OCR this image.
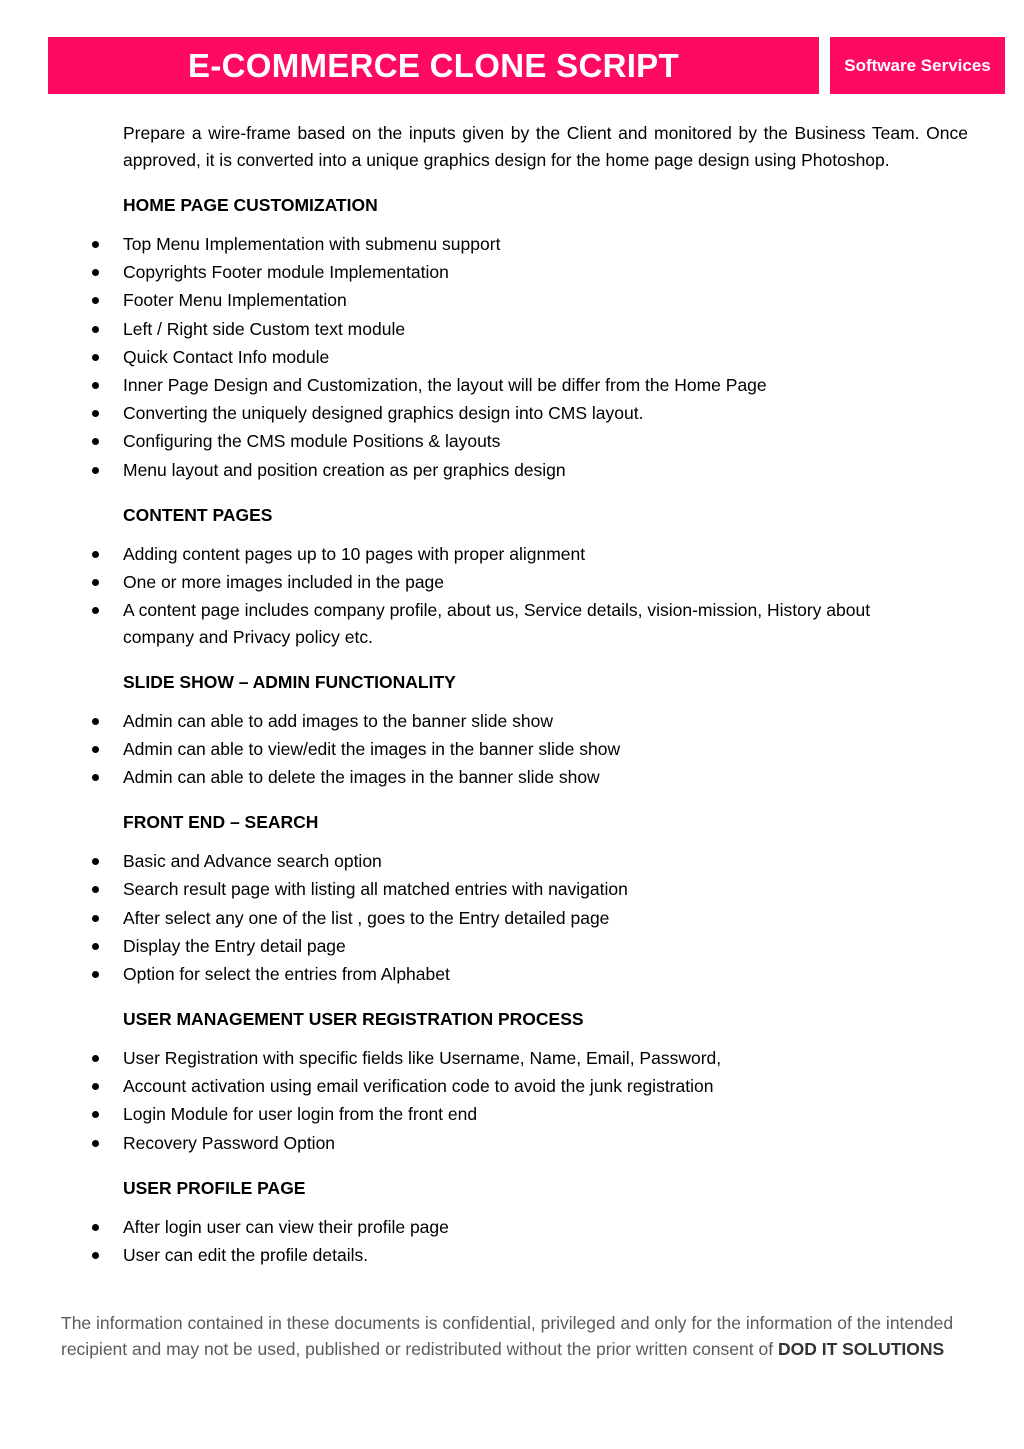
E-COMMERCE CLONE SCRIPT	Software Services

Prepare a wire-frame based on the inputs given by the Client and monitored by the Business Team. Once approved, it is converted into a unique graphics design for the home page design using Photoshop.

HOME PAGE CUSTOMIZATION
Top Menu Implementation with submenu support
Copyrights Footer module Implementation
Footer Menu Implementation
Left / Right side Custom text module
Quick Contact Info module
Inner Page Design and Customization, the layout will be differ from the Home Page
Converting the uniquely designed graphics design into CMS layout.
Configuring the CMS module Positions & layouts
Menu layout and position creation as per graphics design
CONTENT PAGES
Adding content pages up to 10 pages with proper alignment
One or more images included in the page
A content page includes company profile, about us, Service details, vision-mission, History about company and Privacy policy etc.
SLIDE SHOW – ADMIN FUNCTIONALITY
Admin can able to add images to the banner slide show
Admin can able to view/edit the images in the banner slide show
Admin can able to delete the images in the banner slide show
FRONT END – SEARCH
Basic and Advance search option
Search result page with listing all matched entries with navigation
After select any one of the list , goes to the Entry detailed page
Display the Entry detail page
Option for select the entries from Alphabet
USER MANAGEMENT USER REGISTRATION PROCESS
User Registration with specific fields like Username, Name, Email, Password,
Account activation using email verification code to avoid the junk registration
Login Module for user login from the front end
Recovery Password Option
USER PROFILE PAGE
After login user can view their profile page
User can edit the profile details.
The information contained in these documents is confidential, privileged and only for the information of the intended recipient and may not be used, published or redistributed without the prior written consent of DOD IT SOLUTIONS
